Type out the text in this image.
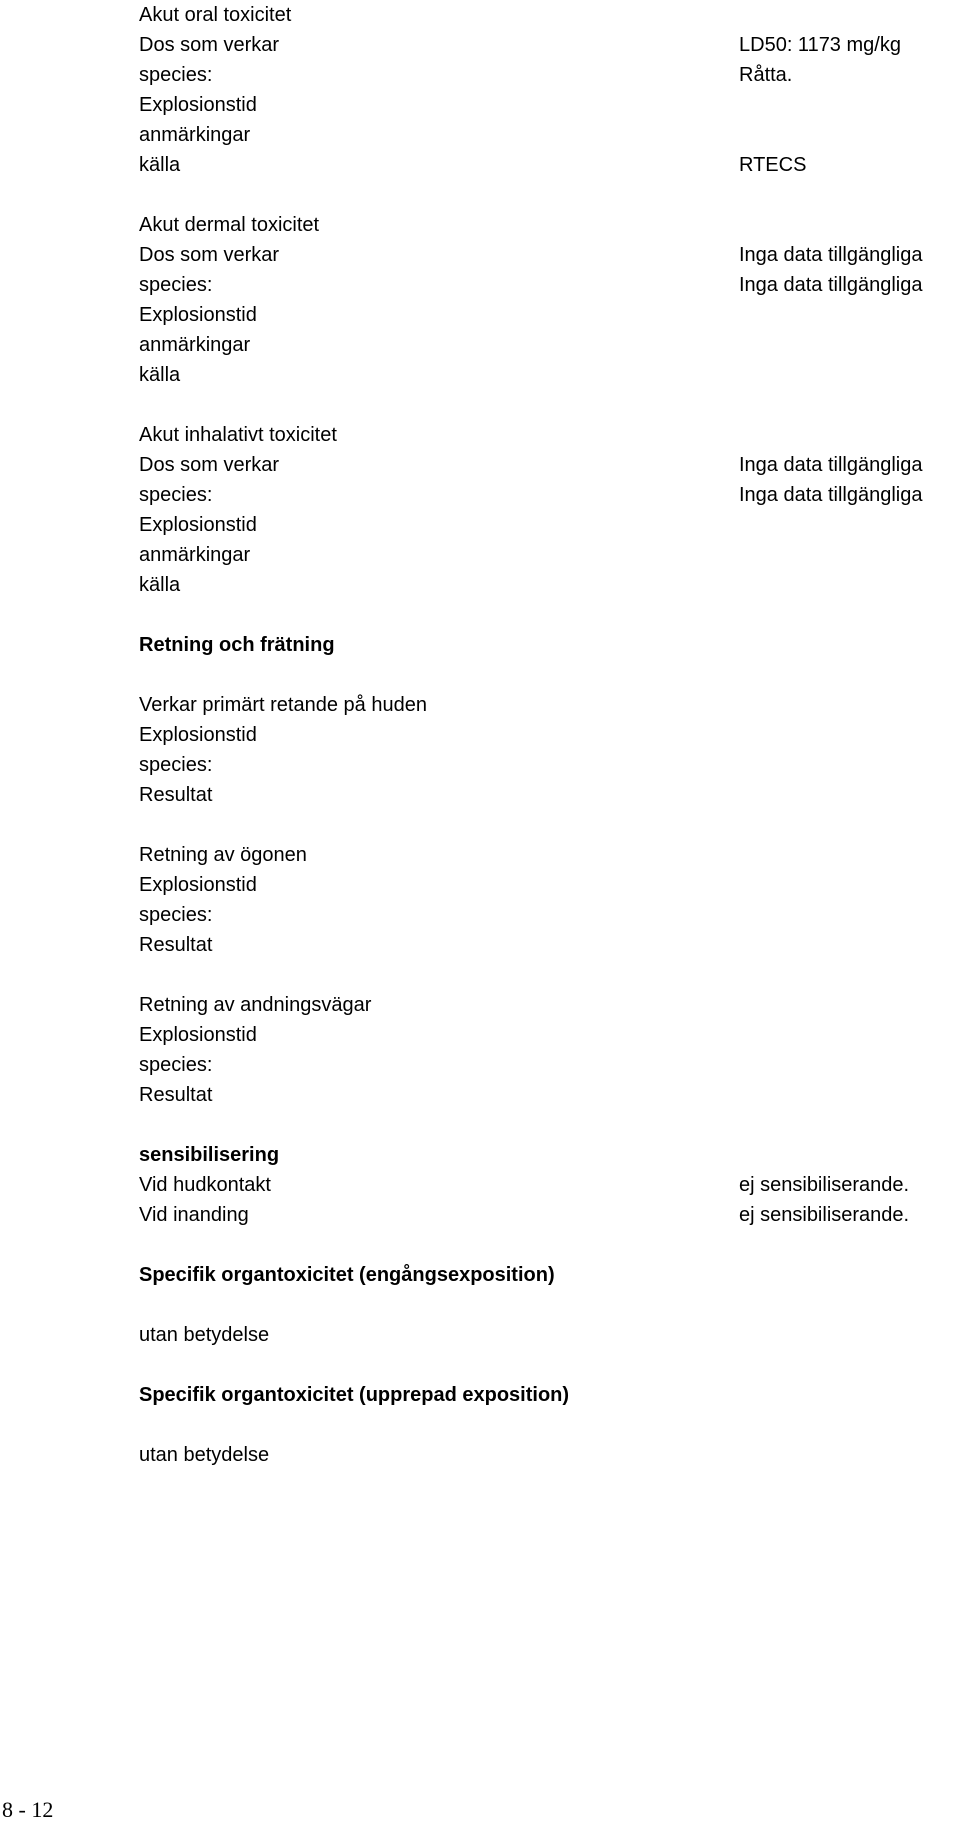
Akut oral toxicitet
Dos som verkar
species:
Explosionstid
anmärkingar
källa
LD50: 1173 mg/kg
Råtta.
RTECS
Akut dermal toxicitet
Dos som verkar
species:
Explosionstid
anmärkingar
källa
Inga data tillgängliga
Inga data tillgängliga
Akut inhalativt toxicitet
Dos som verkar
species:
Explosionstid
anmärkingar
källa
Inga data tillgängliga
Inga data tillgängliga
Retning och frätning
Verkar primärt retande på huden
Explosionstid
species:
Resultat
Retning av ögonen
Explosionstid
species:
Resultat
Retning av andningsvägar
Explosionstid
species:
Resultat
sensibilisering
Vid hudkontakt
Vid inanding
ej sensibiliserande.
ej sensibiliserande.
Specifik organtoxicitet (engångsexposition)
utan betydelse
Specifik organtoxicitet (upprepad exposition)
utan betydelse
8 - 12
